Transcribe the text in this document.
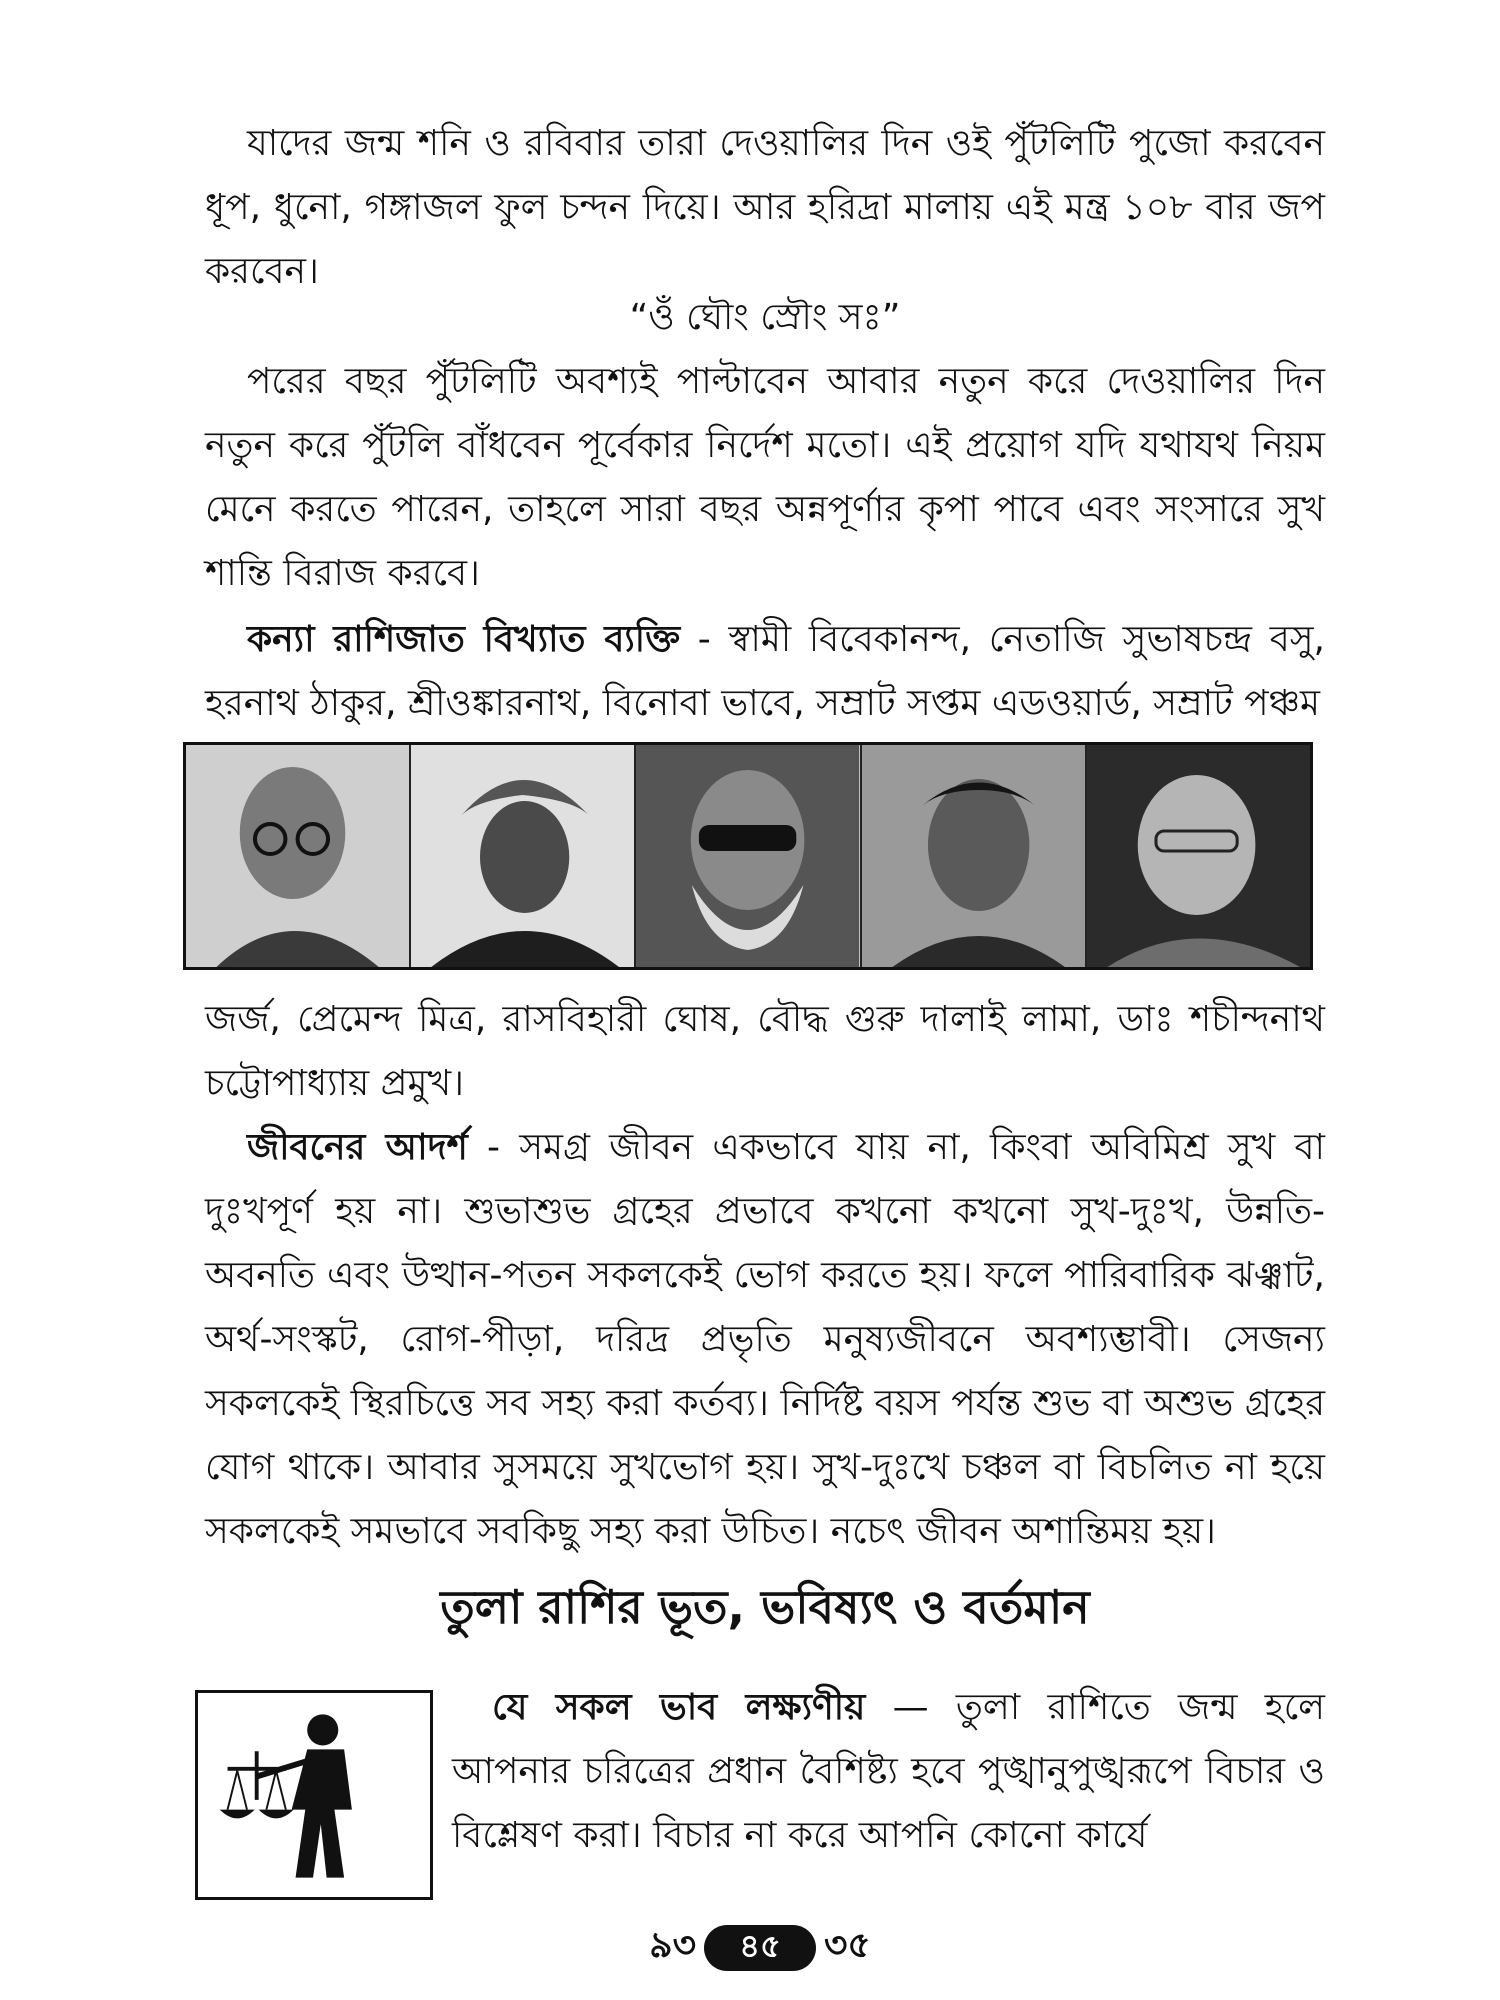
যাদের জন্ম শনি ও রবিবার তারা দেওয়ালির দিন ওই পুঁটলিটি পুজো করবেন ধূপ, ধুনো, গঙ্গাজল ফুল চন্দন দিয়ে। আর হরিদ্রা মালায় এই মন্ত্র ১০৮ বার জপ করবেন।
“ওঁ ঘৌং স্রৌং সঃ”
পরের বছর পুঁটলিটি অবশ্যই পাল্টাবেন আবার নতুন করে দেওয়ালির দিন নতুন করে পুঁটলি বাঁধবেন পূর্বেকার নির্দেশ মতো। এই প্রয়োগ যদি যথাযথ নিয়ম মেনে করতে পারেন, তাহলে সারা বছর অন্নপূর্ণার কৃপা পাবে এবং সংসারে সুখ শান্তি বিরাজ করবে।
কন্যা রাশিজাত বিখ্যাত ব্যক্তি - স্বামী বিবেকানন্দ, নেতাজি সুভাষচন্দ্র বসু, হরনাথ ঠাকুর, শ্রীওঙ্কারনাথ, বিনোবা ভাবে, সম্রাট সপ্তম এডওয়ার্ড, সম্রাট পঞ্চম
জর্জ, প্রেমেন্দ মিত্র, রাসবিহারী ঘোষ, বৌদ্ধ গুরু দালাই লামা, ডাঃ শচীন্দনাথ চট্টোপাধ্যায় প্রমুখ।
জীবনের আদর্শ - সমগ্র জীবন একভাবে যায় না, কিংবা অবিমিশ্র সুখ বা দুঃখপূর্ণ হয় না। শুভাশুভ গ্রহের প্রভাবে কখনো কখনো সুখ-দুঃখ, উন্নতি-অবনতি এবং উত্থান-পতন সকলকেই ভোগ করতে হয়। ফলে পারিবারিক ঝঞ্ঝাট, অর্থ-সংস্কট, রোগ-পীড়া, দরিদ্র প্রভৃতি মনুষ্যজীবনে অবশ্যম্ভাবী। সেজন্য সকলকেই স্থিরচিত্তে সব সহ্য করা কর্তব্য। নির্দিষ্ট বয়স পর্যন্ত শুভ বা অশুভ গ্রহের যোগ থাকে। আবার সুসময়ে সুখভোগ হয়। সুখ-দুঃখে চঞ্চল বা বিচলিত না হয়ে সকলকেই সমভাবে সবকিছু সহ্য করা উচিত। নচেৎ জীবন অশান্তিময় হয়।
তুলা রাশির ভূত, ভবিষ্যৎ ও বর্তমান
যে সকল ভাব লক্ষ্যণীয় — তুলা রাশিতে জন্ম হলে আপনার চরিত্রের প্রধান বৈশিষ্ট্য হবে পুঙ্খানুপুঙ্খরূপে বিচার ও বিশ্লেষণ করা। বিচার না করে আপনি কোনো কার্যে
৯৩	৪৫	৩৫
